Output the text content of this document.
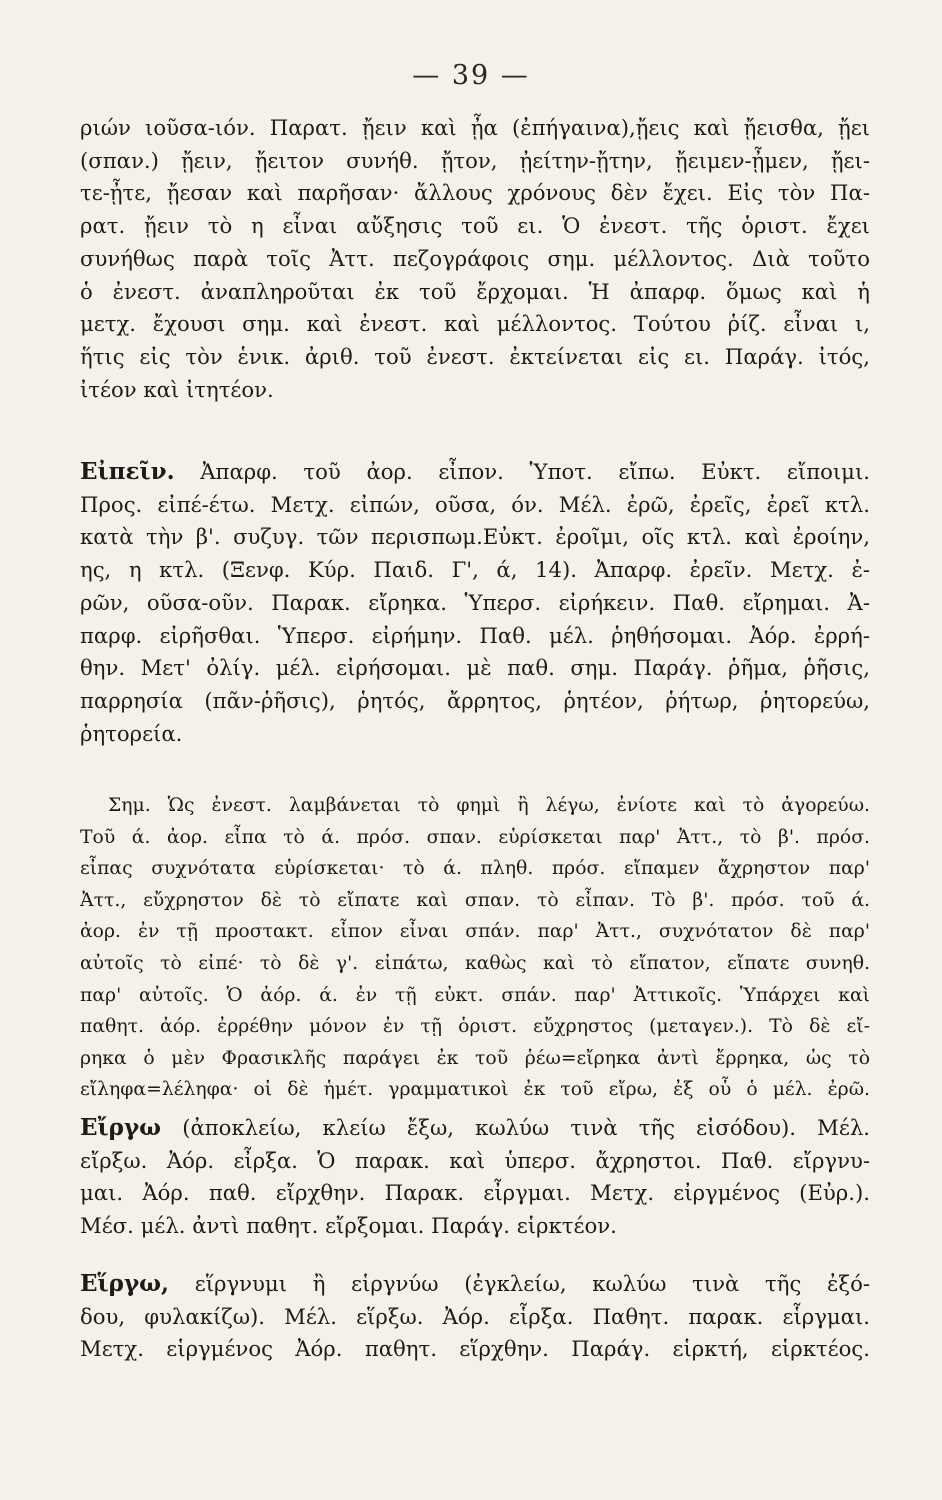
— 39 —
ριών ιοῦσα-ιόν. Παρατ. ᾔειν καὶ ᾖα (ἐπήγαινα),ᾔεις καὶ ᾔεισθα, ᾔει
(σπαν.) ᾔειν, ᾔειτον συνήθ. ᾔτον, ᾐείτην-ᾔτην, ᾔειμεν-ᾖμεν, ᾔει-
τε-ᾖτε, ᾔεσαν καὶ παρῆσαν· ἄλλους χρόνους δὲν ἔχει. Εἰς τὸν Πα-
ρατ. ᾔειν τὸ η εἶναι αὔξησις τοῦ ει. Ὁ ἐνεστ. τῆς ὁριστ. ἔχει
συνήθως παρὰ τοῖς Ἀττ. πεζογράφοις σημ. μέλλοντος. Διὰ τοῦτο
ὁ ἐνεστ. ἀναπληροῦται ἐκ τοῦ ἔρχομαι. Ἡ ἀπαρφ. ὅμως καὶ ἡ
μετχ. ἔχουσι σημ. καὶ ἐνεστ. καὶ μέλλοντος. Τούτου ῥίζ. εἶναι ι,
ἥτις εἰς τὸν ἑνικ. ἀριθ. τοῦ ἐνεστ. ἐκτείνεται εἰς ει. Παράγ. ἰτός,
ἰτέον καὶ ἰτητέον.
Εἰπεῖν. Ἀπαρφ. τοῦ ἀορ. εἶπον. Ὑποτ. εἴπω. Εὐκτ. εἴποιμι.
Προς. εἰπέ-έτω. Μετχ. εἰπών, οῦσα, όν. Μέλ. ἐρῶ, ἐρεῖς, ἐρεῖ κτλ.
κατὰ τὴν β'. συζυγ. τῶν περισπωμ.Εὐκτ. ἐροῖμι, οῖς κτλ. καὶ ἐροίην,
ης, η κτλ. (Ξενφ. Κύρ. Παιδ. Γ', ά, 14). Ἀπαρφ. ἐρεῖν. Μετχ. ἐ-
ρῶν, οῦσα-οῦν. Παρακ. εἴρηκα. Ὑπερσ. εἰρήκειν. Παθ. εἴρημαι. Ἀ-
παρφ. εἰρῆσθαι. Ὑπερσ. εἰρήμην. Παθ. μέλ. ῥηθήσομαι. Ἀόρ. ἐρρή-
θην. Μετ' ὀλίγ. μέλ. εἰρήσομαι. μὲ παθ. σημ. Παράγ. ῥῆμα, ῥῆσις,
παρρησία (πᾶν-ῥῆσις), ῥητός, ἄρρητος, ῥητέον, ῥήτωρ, ῥητορεύω,
ῥητορεία.
Σημ. Ὡς ἐνεστ. λαμβάνεται τὸ φημὶ ἢ λέγω, ἐνίοτε καὶ τὸ ἀγορεύω.
Τοῦ ά. ἀορ. εἶπα τὸ ά. πρόσ. σπαν. εὑρίσκεται παρ' Ἀττ., τὸ β'. πρόσ.
εἶπας συχνότατα εὑρίσκεται· τὸ ά. πληθ. πρόσ. εἴπαμεν ἄχρηστον παρ'
Ἀττ., εὔχρηστον δὲ τὸ εἴπατε καὶ σπαν. τὸ εἶπαν. Τὸ β'. πρόσ. τοῦ ά.
ἀορ. ἐν τῇ προστακτ. εἶπον εἶναι σπάν. παρ' Ἀττ., συχνότατον δὲ παρ'
αὐτοῖς τὸ εἰπέ· τὸ δὲ γ'. εἰπάτω, καθὼς καὶ τὸ εἴπατον, εἴπατε συνηθ.
παρ' αὐτοῖς. Ὁ ἀόρ. ά. ἐν τῇ εὐκτ. σπάν. παρ' Ἀττικοῖς. Ὑπάρχει καὶ
παθητ. ἀόρ. ἐρρέθην μόνον ἐν τῇ ὁριστ. εὔχρηστος (μεταγεν.). Τὸ δὲ εἴ-
ρηκα ὁ μὲν Φρασικλῆς παράγει ἐκ τοῦ ῥέω=εἴρηκα ἀντὶ ἔρρηκα, ὡς τὸ
εἴληφα=λέληφα· οἱ δὲ ἡμέτ. γραμματικοὶ ἐκ τοῦ εἴρω, ἐξ οὗ ὁ μέλ. ἐρῶ.
Εἴργω (ἀποκλείω, κλείω ἔξω, κωλύω τινὰ τῆς εἰσόδου). Μέλ.
εἴρξω. Ἀόρ. εἶρξα. Ὁ παρακ. καὶ ὑπερσ. ἄχρηστοι. Παθ. εἴργνυ-
μαι. Ἀόρ. παθ. εἴρχθην. Παρακ. εἶργμαι. Μετχ. εἰργμένος (Εὐρ.).
Μέσ. μέλ. ἀντὶ παθητ. εἴρξομαι. Παράγ. εἱρκτέον.
Εἵργω, εἵργνυμι ἢ εἱργνύω (ἐγκλείω, κωλύω τινὰ τῆς ἐξό-
δου, φυλακίζω). Μέλ. εἵρξω. Ἀόρ. εἷρξα. Παθητ. παρακ. εἷργμαι.
Μετχ. εἱργμένος Ἀόρ. παθητ. εἵρχθην. Παράγ. εἱρκτή, εἱρκτέος.
